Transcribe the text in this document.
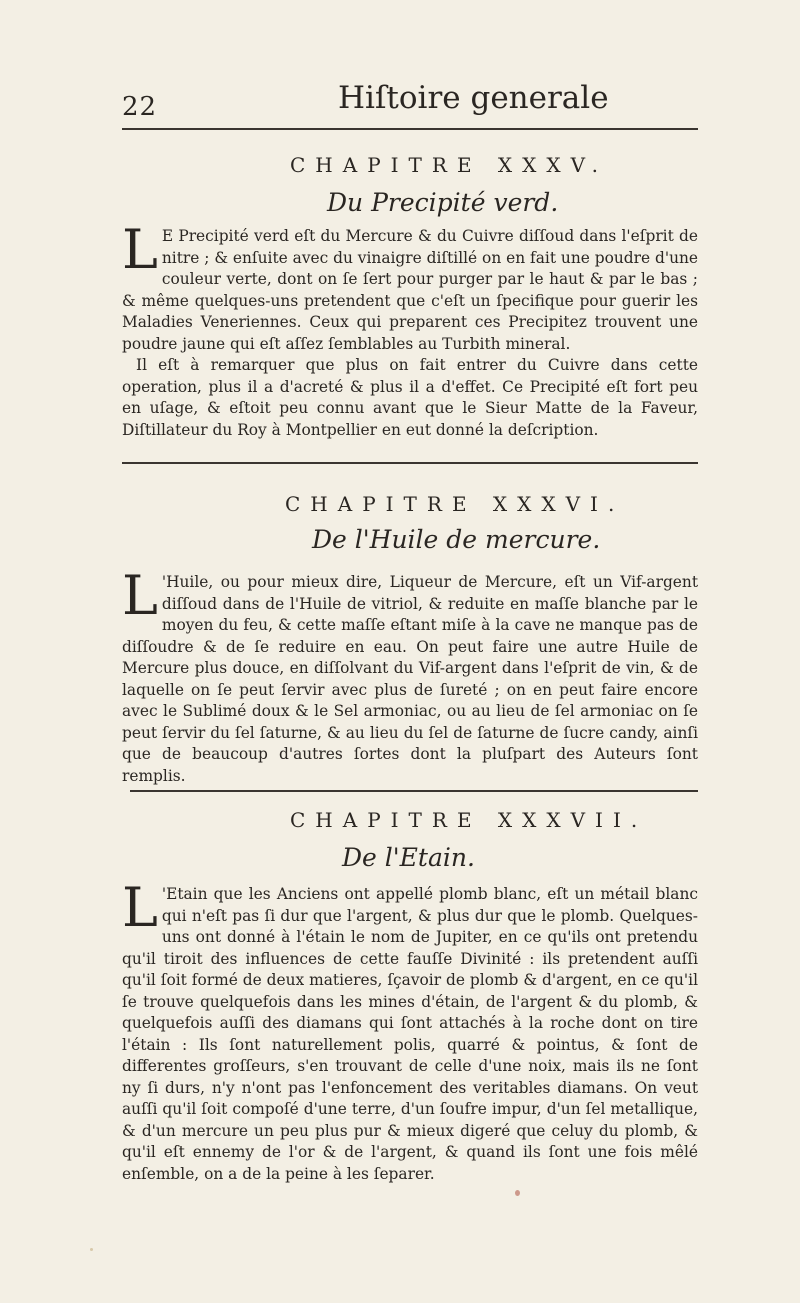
22	Hiſtoire generale
CHAPITRE XXXV.
Du Precipité verd.

L E Precipité verd eſt du Mercure & du Cuivre diſſoud dans l'eſprit de nitre ; & enſuite avec du vinaigre diſtillé on en fait une poudre d'une couleur verte, dont on ſe ſert pour purger par le haut & par le bas ; & même quelques-uns pretendent que c'eſt un ſpecifique pour guerir les Maladies Veneriennes. Ceux qui preparent ces Precipitez trouvent une poudre jaune qui eſt aſſez ſemblables au Turbith mineral.

Il eſt à remarquer que plus on fait entrer du Cuivre dans cette operation, plus il a d'acreté & plus il a d'effet. Ce Precipité eſt fort peu en uſage, & eſtoit peu connu avant que le Sieur Matte de la Faveur, Diſtillateur du Roy à Montpellier en eut donné la deſcription.

CHAPITRE XXXVI.
De l'Huile de mercure.

L 'Huile, ou pour mieux dire, Liqueur de Mercure, eſt un Vif-argent diſſoud dans de l'Huile de vitriol, & reduite en maſſe blanche par le moyen du feu, & cette maſſe eſtant miſe à la cave ne manque pas de diſſoudre & de ſe reduire en eau. On peut faire une autre Huile de Mercure plus douce, en diſſolvant du Vif-argent dans l'eſprit de vin, & de laquelle on ſe peut ſervir avec plus de ſureté ; on en peut faire encore avec le Sublimé doux & le Sel armoniac, ou au lieu de ſel armoniac on ſe peut ſervir du ſel ſaturne, & au lieu du ſel de ſaturne de ſucre candy, ainſi que de beaucoup d'autres ſortes dont la pluſpart des Auteurs ſont remplis.

CHAPITRE XXXVII.
De l'Etain.

L 'Etain que les Anciens ont appellé plomb blanc, eſt un métail blanc qui n'eſt pas ſi dur que l'argent, & plus dur que le plomb. Quelques-uns ont donné à l'étain le nom de Jupiter, en ce qu'ils ont pretendu qu'il tiroit des influences de cette fauſſe Divinité : ils pretendent auſſi qu'il ſoit formé de deux matieres, ſçavoir de plomb & d'argent, en ce qu'il ſe trouve quelquefois dans les mines d'étain, de l'argent & du plomb, & quelquefois auſſi des diamans qui ſont attachés à la roche dont on tire l'étain : Ils ſont naturellement polis, quarré & pointus, & ſont de differentes groſſeurs, s'en trouvant de celle d'une noix, mais ils ne ſont ny ſi durs, n'y n'ont pas l'enfoncement des veritables diamans. On veut auſſi qu'il ſoit compoſé d'une terre, d'un ſoufre impur, d'un ſel metallique, & d'un mercure un peu plus pur & mieux digeré que celuy du plomb, & qu'il eſt ennemy de l'or & de l'argent, & quand ils ſont une fois mêlé enſemble, on a de la peine à les ſeparer.
